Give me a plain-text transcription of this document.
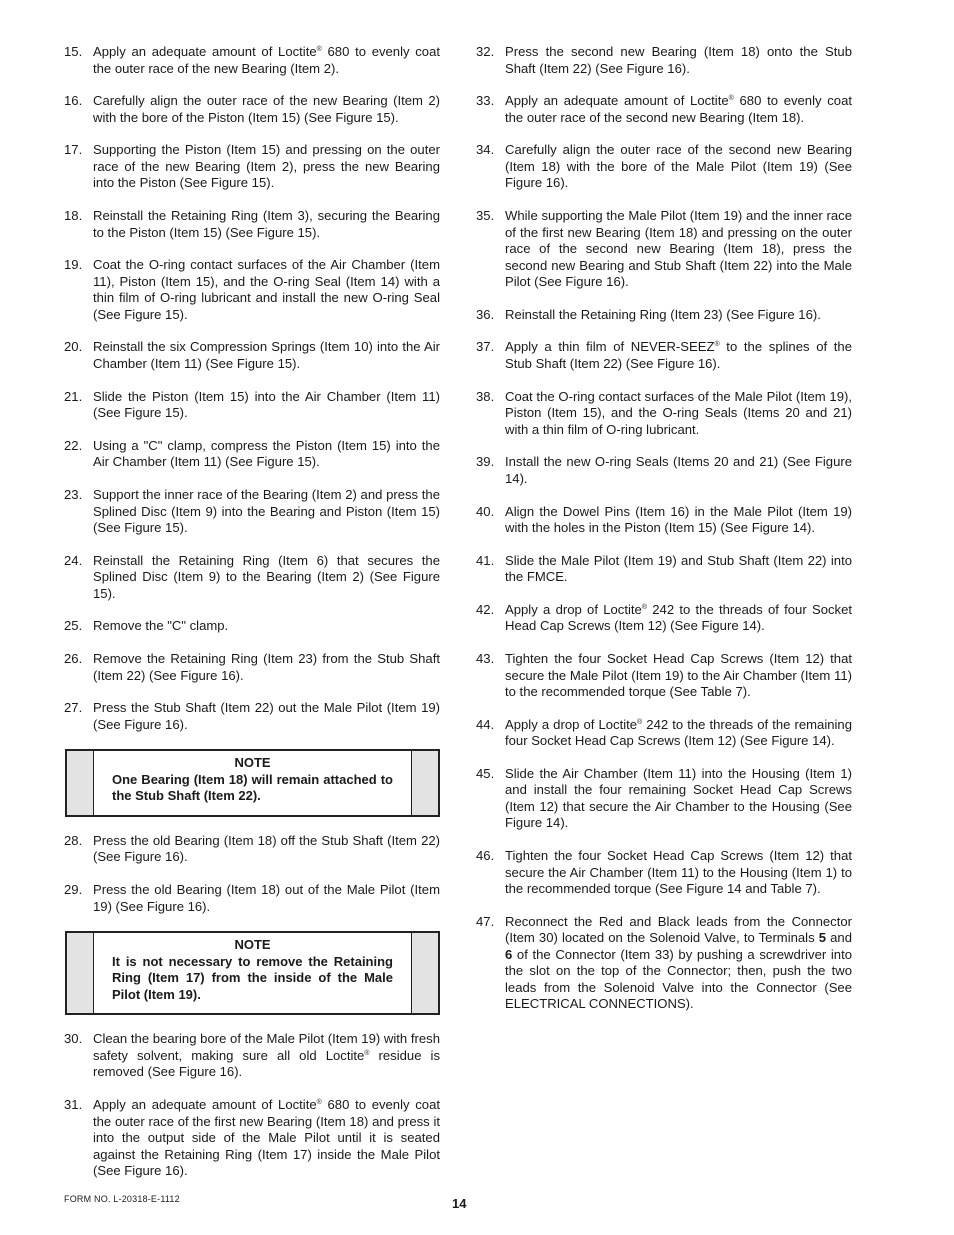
15. Apply an adequate amount of Loctite® 680 to evenly coat the outer race of the new Bearing (Item 2).
16. Carefully align the outer race of the new Bearing (Item 2) with the bore of the Piston (Item 15) (See Figure 15).
17. Supporting the Piston (Item 15) and pressing on the outer race of the new Bearing (Item 2), press the new Bearing into the Piston (See Figure 15).
18. Reinstall the Retaining Ring (Item 3), securing the Bearing to the Piston (Item 15) (See Figure 15).
19. Coat the O-ring contact surfaces of the Air Chamber (Item 11), Piston (Item 15), and the O-ring Seal (Item 14) with a thin film of O-ring lubricant and install the new O-ring Seal (See Figure 15).
20. Reinstall the six Compression Springs (Item 10) into the Air Chamber (Item 11) (See Figure 15).
21. Slide the Piston (Item 15) into the Air Chamber (Item 11) (See Figure 15).
22. Using a "C" clamp, compress the Piston (Item 15) into the Air Chamber (Item 11) (See Figure 15).
23. Support the inner race of the Bearing (Item 2) and press the Splined Disc (Item 9) into the Bearing and Piston (Item 15) (See Figure 15).
24. Reinstall the Retaining Ring (Item 6) that secures the Splined Disc (Item 9) to the Bearing (Item 2) (See Figure 15).
25. Remove the "C" clamp.
26. Remove the Retaining Ring (Item 23) from the Stub Shaft (Item 22) (See Figure 16).
27. Press the Stub Shaft (Item 22) out the Male Pilot (Item 19) (See Figure 16).
NOTE
One Bearing (Item 18) will remain attached to the Stub Shaft (Item 22).
28. Press the old Bearing (Item 18) off the Stub Shaft (Item 22) (See Figure 16).
29. Press the old Bearing (Item 18) out of the Male Pilot (Item 19) (See Figure 16).
NOTE
It is not necessary to remove the Retaining Ring (Item 17) from the inside of the Male Pilot (Item 19).
30. Clean the bearing bore of the Male Pilot (Item 19) with fresh safety solvent, making sure all old Loctite® residue is removed (See Figure 16).
31. Apply an adequate amount of Loctite® 680 to evenly coat the outer race of the first new Bearing (Item 18) and press it into the output side of the Male Pilot until it is seated against the Retaining Ring (Item 17) inside the Male Pilot (See Figure 16).
32. Press the second new Bearing (Item 18) onto the Stub Shaft (Item 22) (See Figure 16).
33. Apply an adequate amount of Loctite® 680 to evenly coat the outer race of the second new Bearing (Item 18).
34. Carefully align the outer race of the second new Bearing (Item 18) with the bore of the Male Pilot (Item 19) (See Figure 16).
35. While supporting the Male Pilot (Item 19) and the inner race of the first new Bearing (Item 18) and pressing on the outer race of the second new Bearing (Item 18), press the second new Bearing and Stub Shaft (Item 22) into the Male Pilot (See Figure 16).
36. Reinstall the Retaining Ring (Item 23) (See Figure 16).
37. Apply a thin film of NEVER-SEEZ® to the splines of the Stub Shaft (Item 22) (See Figure 16).
38. Coat the O-ring contact surfaces of the Male Pilot (Item 19), Piston (Item 15), and the O-ring Seals (Items 20 and 21) with a thin film of O-ring lubricant.
39. Install the new O-ring Seals (Items 20 and 21) (See Figure 14).
40. Align the Dowel Pins (Item 16) in the Male Pilot (Item 19) with the holes in the Piston (Item 15) (See Figure 14).
41. Slide the Male Pilot (Item 19) and Stub Shaft (Item 22) into the FMCE.
42. Apply a drop of Loctite® 242 to the threads of four Socket Head Cap Screws (Item 12) (See Figure 14).
43. Tighten the four Socket Head Cap Screws (Item 12) that secure the Male Pilot (Item 19) to the Air Chamber (Item 11) to the recommended torque (See Table 7).
44. Apply a drop of Loctite® 242 to the threads of the remaining four Socket Head Cap Screws (Item 12) (See Figure 14).
45. Slide the Air Chamber (Item 11) into the Housing (Item 1) and install the four remaining Socket Head Cap Screws (Item 12) that secure the Air Chamber to the Housing (See Figure 14).
46. Tighten the four Socket Head Cap Screws (Item 12) that secure the Air Chamber (Item 11) to the Housing (Item 1) to the recommended torque (See Figure 14 and Table 7).
47. Reconnect the Red and Black leads from the Connector (Item 30) located on the Solenoid Valve, to Terminals 5 and 6 of the Connector (Item 33) by pushing a screwdriver into the slot on the top of the Connector; then, push the two leads from the Solenoid Valve into the Connector (See ELECTRICAL CONNECTIONS).
FORM NO. L-20318-E-1112	14
